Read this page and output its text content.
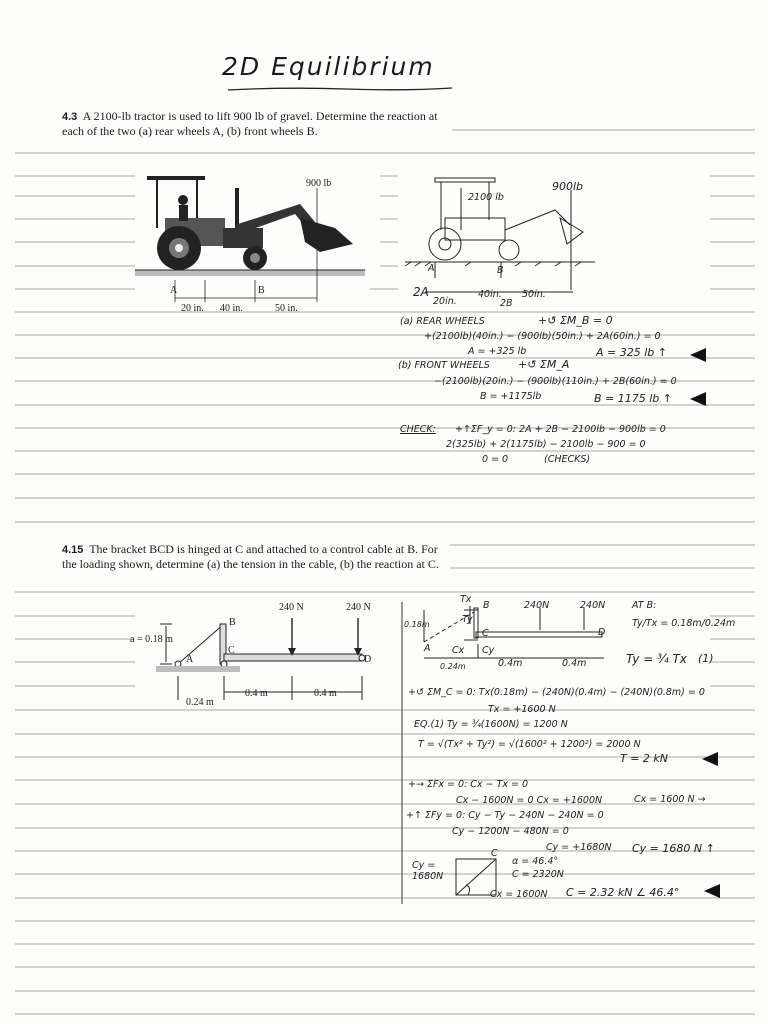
2D Equilibrium
4.3 A 2100-lb tractor is used to lift 900 lb of gravel. Determine the reaction at each of the two (a) rear wheels A, (b) front wheels B.
900 lb
A	B
20 in. 40 in.	50 in.
2100 lb
900lb
A	B
2A
2B
20in.
40in. 50in.
(a) REAR WHEELS	+↺ ΣM_B = 0
+(2100lb)(40in.) − (900lb)(50in.) + 2A(60in.) = 0
A = +325 lb	A = 325 lb ↑
(b) FRONT WHEELS	+↺ ΣM_A
−(2100lb)(20in.) − (900lb)(110in.) + 2B(60in.) = 0
B = +1175lb	B = 1175 lb ↑
CHECK: +↑ΣF_y = 0: 2A + 2B − 2100lb − 900lb = 0
2(325lb) + 2(1175lb) − 2100lb − 900 = 0
0 = 0	(CHECKS)
4.15 The bracket BCD is hinged at C and attached to a control cable at B. For the loading shown, determine (a) the tension in the cable, (b) the reaction at C.
240 N	240 N
a = 0.18 m
A
B
C
D
0.4 m	0.4 m
0.24 m
Tx
Ty
B
C	D
A Cx Cy
0.18m
240N	240N
0.24m	0.4m	0.4m
AT B:
Ty/Tx = 0.18m/0.24m
Ty = ¾ Tx (1)
+↺ ΣM_C = 0: Tx(0.18m) − (240N)(0.4m) − (240N)(0.8m) = 0
Tx = +1600 N
EQ.(1) Ty = ¾(1600N) = 1200 N
T = √(Tx² + Ty²) = √(1600² + 1200²) = 2000 N
T = 2 kN
+→ ΣFx = 0: Cx − Tx = 0
Cx − 1600N = 0 Cx = +1600N	Cx = 1600 N →
+↑ ΣFy = 0: Cy − Ty − 240N − 240N = 0
Cy − 1200N − 480N = 0
Cy = +1680N Cy = 1680 N ↑
Cy = 1680N
Cx = 1600N
C
α = 46.4°
C = 2320N
C = 2.32 kN ∠ 46.4°
